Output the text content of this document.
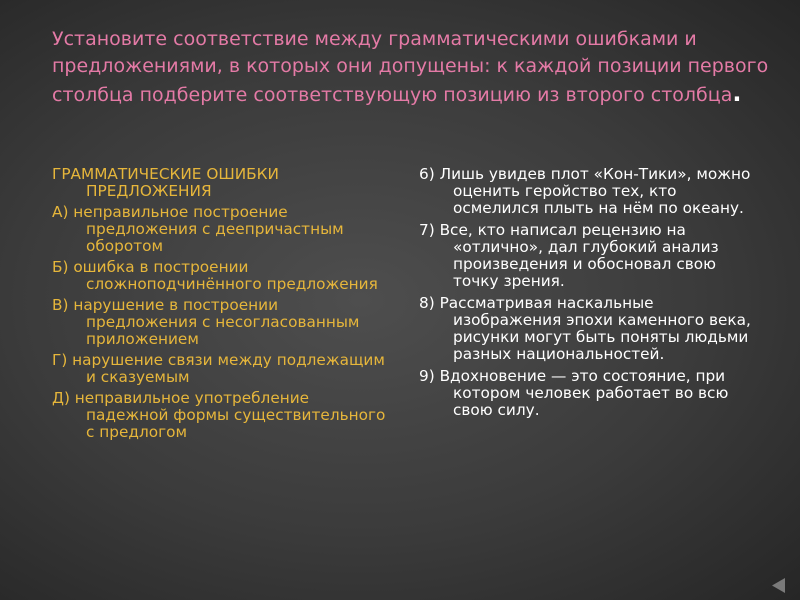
Установите соответствие между грамматическими ошибками и предложениями, в которых они допущены: к каждой позиции первого столбца подберите соответствующую позицию из второго столбца.

ГРАММАТИЧЕСКИЕ ОШИБКИ ПРЕДЛОЖЕНИЯ

А) неправильное построение предложения с деепричастным оборотом

Б) ошибка в построении сложноподчинённого предложения

В) нарушение в построении предложения с несогласованным приложением

Г) нарушение связи между подлежащим и сказуемым

Д) неправильное употребление падежной формы существительного с предлогом

6) Лишь увидев плот «Кон-Тики», можно оценить геройство тех, кто осмелился плыть на нём по океану.

7) Все, кто написал рецензию на «отлично», дал глубокий анализ произведения и обосновал свою точку зрения.

8) Рассматривая наскальные изображения эпохи каменного века, рисунки могут быть поняты людьми разных национальностей.

9) Вдохновение — это состояние, при котором человек работает во всю свою силу.
